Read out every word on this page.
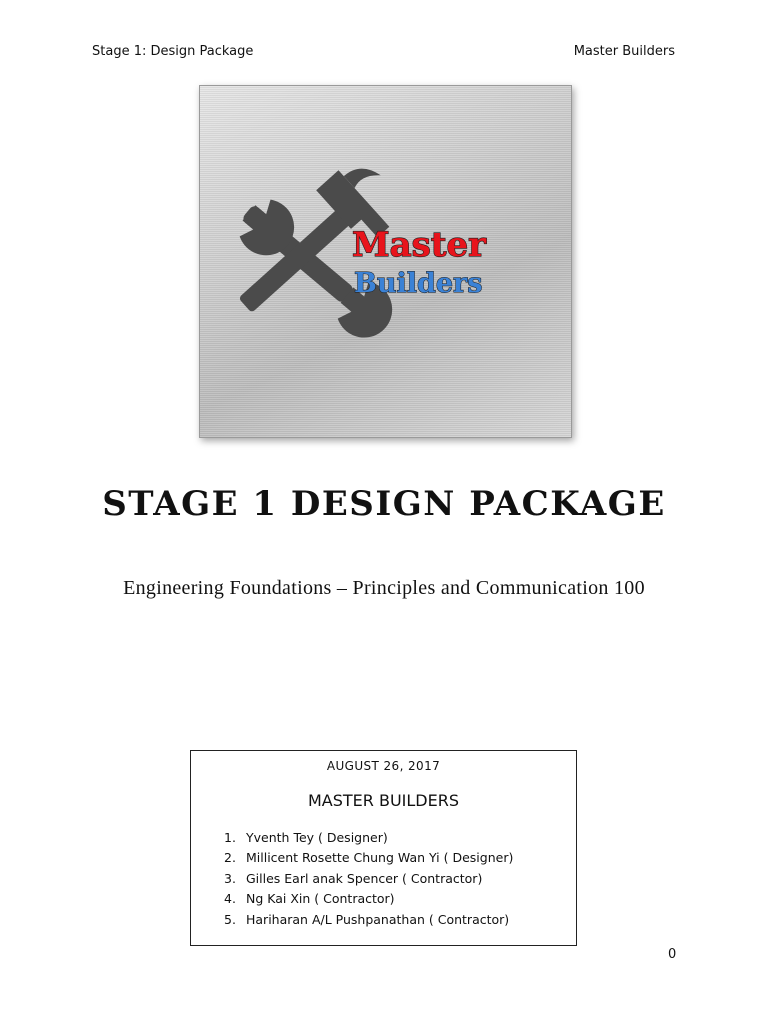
Stage 1: Design Package	Master Builders
Master
Builders
STAGE 1 DESIGN PACKAGE
Engineering Foundations – Principles and Communication 100
AUGUST 26, 2017
MASTER BUILDERS
1. Yventh Tey ( Designer)
2. Millicent Rosette Chung Wan Yi ( Designer)
3. Gilles Earl anak Spencer ( Contractor)
4. Ng Kai Xin ( Contractor)
5. Hariharan A/L Pushpanathan ( Contractor)
0
